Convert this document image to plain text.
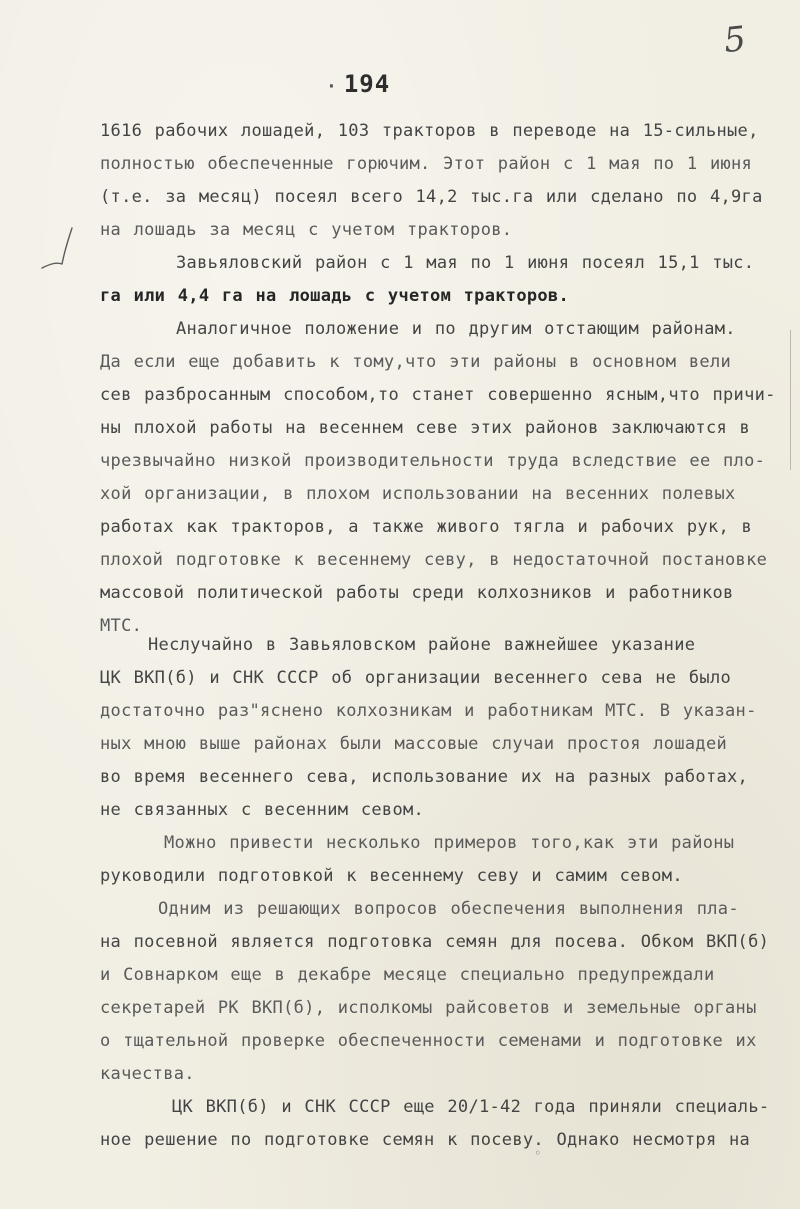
5
· 194
1616 рабочих лошадей, 103 тракторов в переводе на 15-сильные,
полностью обеспеченные горючим. Этот район с 1 мая по 1 июня
(т.е. за месяц) посеял всего 14,2 тыс.га или сделано по 4,9га
на лошадь за месяц с учетом тракторов.
Завьяловский район с 1 мая по 1 июня посеял 15,1 тыс.
га или 4,4 га на лошадь с учетом тракторов.
Аналогичное положение и по другим отстающим районам.
Да если еще добавить к тому,что эти районы в основном вели
сев разбросанным способом,то станет совершенно ясным,что причи-
ны плохой работы на весеннем севе этих районов заключаются в
чрезвычайно низкой производительности труда вследствие ее пло-
хой организации, в плохом использовании на весенних полевых
работах как тракторов, а также живого тягла и рабочих рук, в
плохой подготовке к весеннему севу, в недостаточной постановке
массовой политической работы среди колхозников и работников
МТС.
Неслучайно в Завьяловском районе важнейшее указание
ЦК ВКП(б) и СНК СССР об организации весеннего сева не было
достаточно раз"яснено колхозникам и работникам МТС. В указан-
ных мною выше районах были массовые случаи простоя лошадей
во время весеннего сева, использование их на разных работах,
не связанных с весенним севом.
Можно привести несколько примеров того,как эти районы
руководили подготовкой к весеннему севу и самим севом.
Одним из решающих вопросов обеспечения выполнения пла-
на посевной является подготовка семян для посева. Обком ВКП(б)
и Совнарком еще в декабре месяце специально предупреждали
секретарей РК ВКП(б), исполкомы райсоветов и земельные органы
о тщательной проверке обеспеченности семенами и подготовке их
качества.
ЦК ВКП(б) и СНК СССР еще 20/1-42 года приняли специаль-
ное решение по подготовке семян к посеву. Однако несмотря на
◦
